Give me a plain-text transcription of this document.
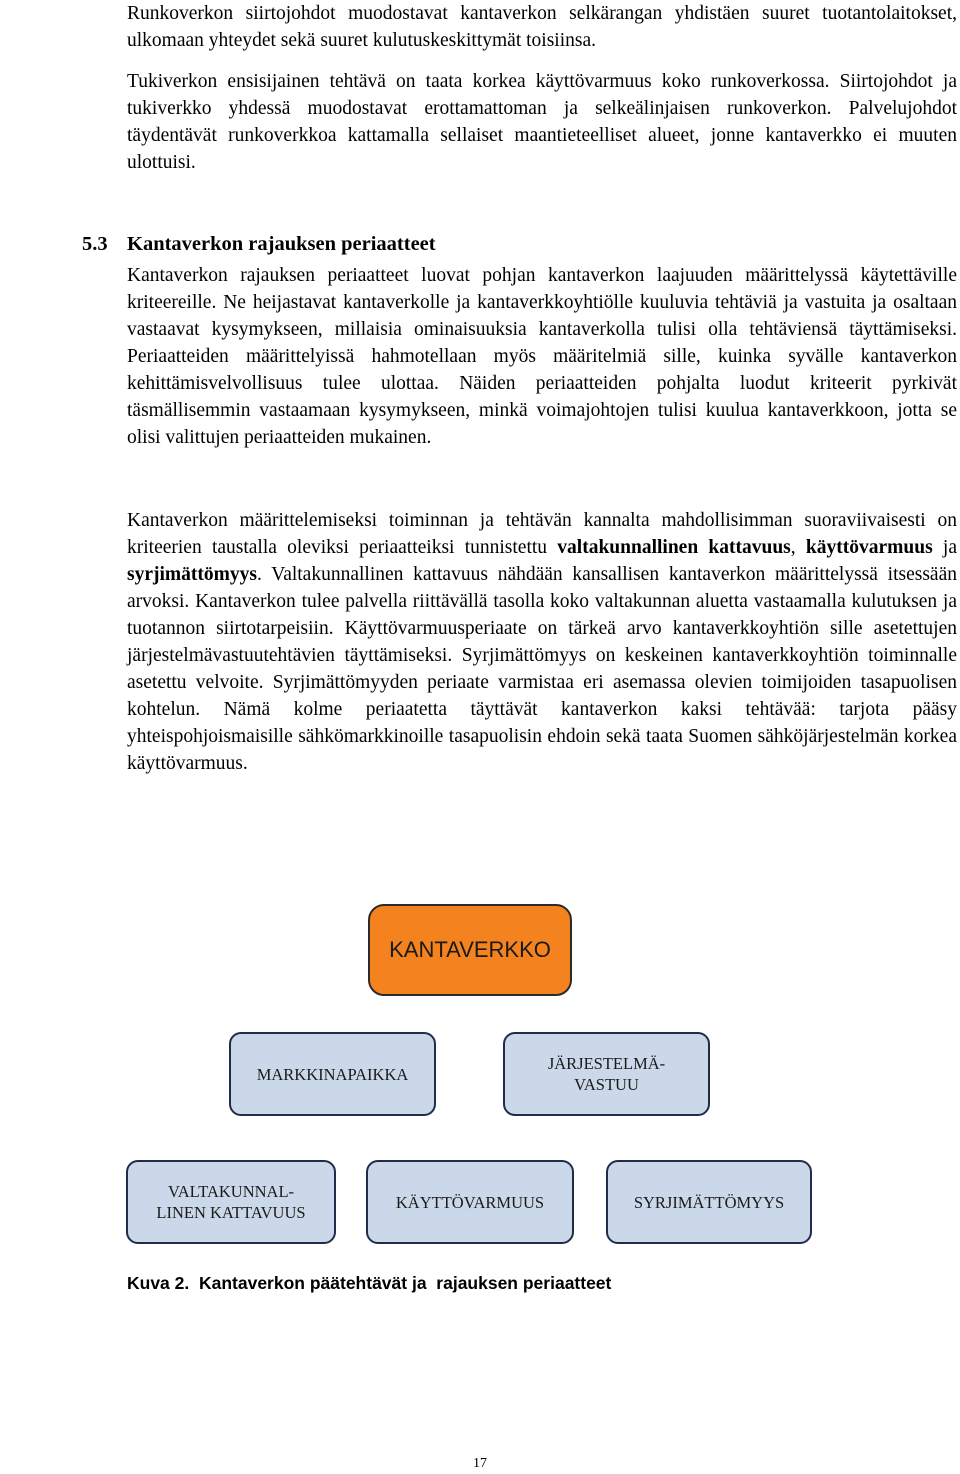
Runkoverkon siirtojohdot muodostavat kantaverkon selkärangan yhdistäen suuret tuotantolaitokset, ulkomaan yhteydet sekä suuret kulutuskeskittymät toisiinsa.

Tukiverkon ensisijainen tehtävä on taata korkea käyttövarmuus koko runkoverkossa. Siirtojohdot ja tukiverkko yhdessä muodostavat erottamattoman ja selkeälinjaisen runkoverkon. Palvelujohdot täydentävät runkoverkkoa kattamalla sellaiset maantieteelliset alueet, jonne kantaverkko ei muuten ulottuisi.

5.3 Kantaverkon rajauksen periaatteet

Kantaverkon rajauksen periaatteet luovat pohjan kantaverkon laajuuden määrittelyssä käytettäville kriteereille. Ne heijastavat kantaverkolle ja kantaverkkoyhtiölle kuuluvia tehtäviä ja vastuita ja osaltaan vastaavat kysymykseen, millaisia ominaisuuksia kantaverkolla tulisi olla tehtäviensä täyttämiseksi. Periaatteiden määrittelyissä hahmotellaan myös määritelmiä sille, kuinka syvälle kantaverkon kehittämisvelvollisuus tulee ulottaa. Näiden periaatteiden pohjalta luodut kriteerit pyrkivät täsmällisemmin vastaamaan kysymykseen, minkä voimajohtojen tulisi kuulua kantaverkkoon, jotta se olisi valittujen periaatteiden mukainen.

Kantaverkon määrittelemiseksi toiminnan ja tehtävän kannalta mahdollisimman suoraviivaisesti on kriteerien taustalla oleviksi periaatteiksi tunnistettu valtakunnallinen kattavuus, käyttövarmuus ja syrjimättömyys. Valtakunnallinen kattavuus nähdään kansallisen kantaverkon määrittelyssä itsessään arvoksi. Kantaverkon tulee palvella riittävällä tasolla koko valtakunnan aluetta vastaamalla kulutuksen ja tuotannon siirtotarpeisiin. Käyttövarmuusperiaate on tärkeä arvo kantaverkkoyhtiön sille asetettujen järjestelmävastuutehtävien täyttämiseksi. Syrjimättömyys on keskeinen kantaverkkoyhtiön toiminnalle asetettu velvoite. Syrjimättömyyden periaate varmistaa eri asemassa olevien toimijoiden tasapuolisen kohtelun. Nämä kolme periaatetta täyttävät kantaverkon kaksi tehtävää: tarjota pääsy yhteispohjoismaisille sähkömarkkinoille tasapuolisin ehdoin sekä taata Suomen sähköjärjestelmän korkea käyttövarmuus.

KANTAVERKKO
MARKKINAPAIKKA
JÄRJESTELMÄ-
VASTUU
VALTAKUNNAL-
LINEN KATTAVUUS
KÄYTTÖVARMUUS	SYRJIMÄTTÖMYYS

Kuva 2.  Kantaverkon päätehtävät ja  rajauksen periaatteet

17
